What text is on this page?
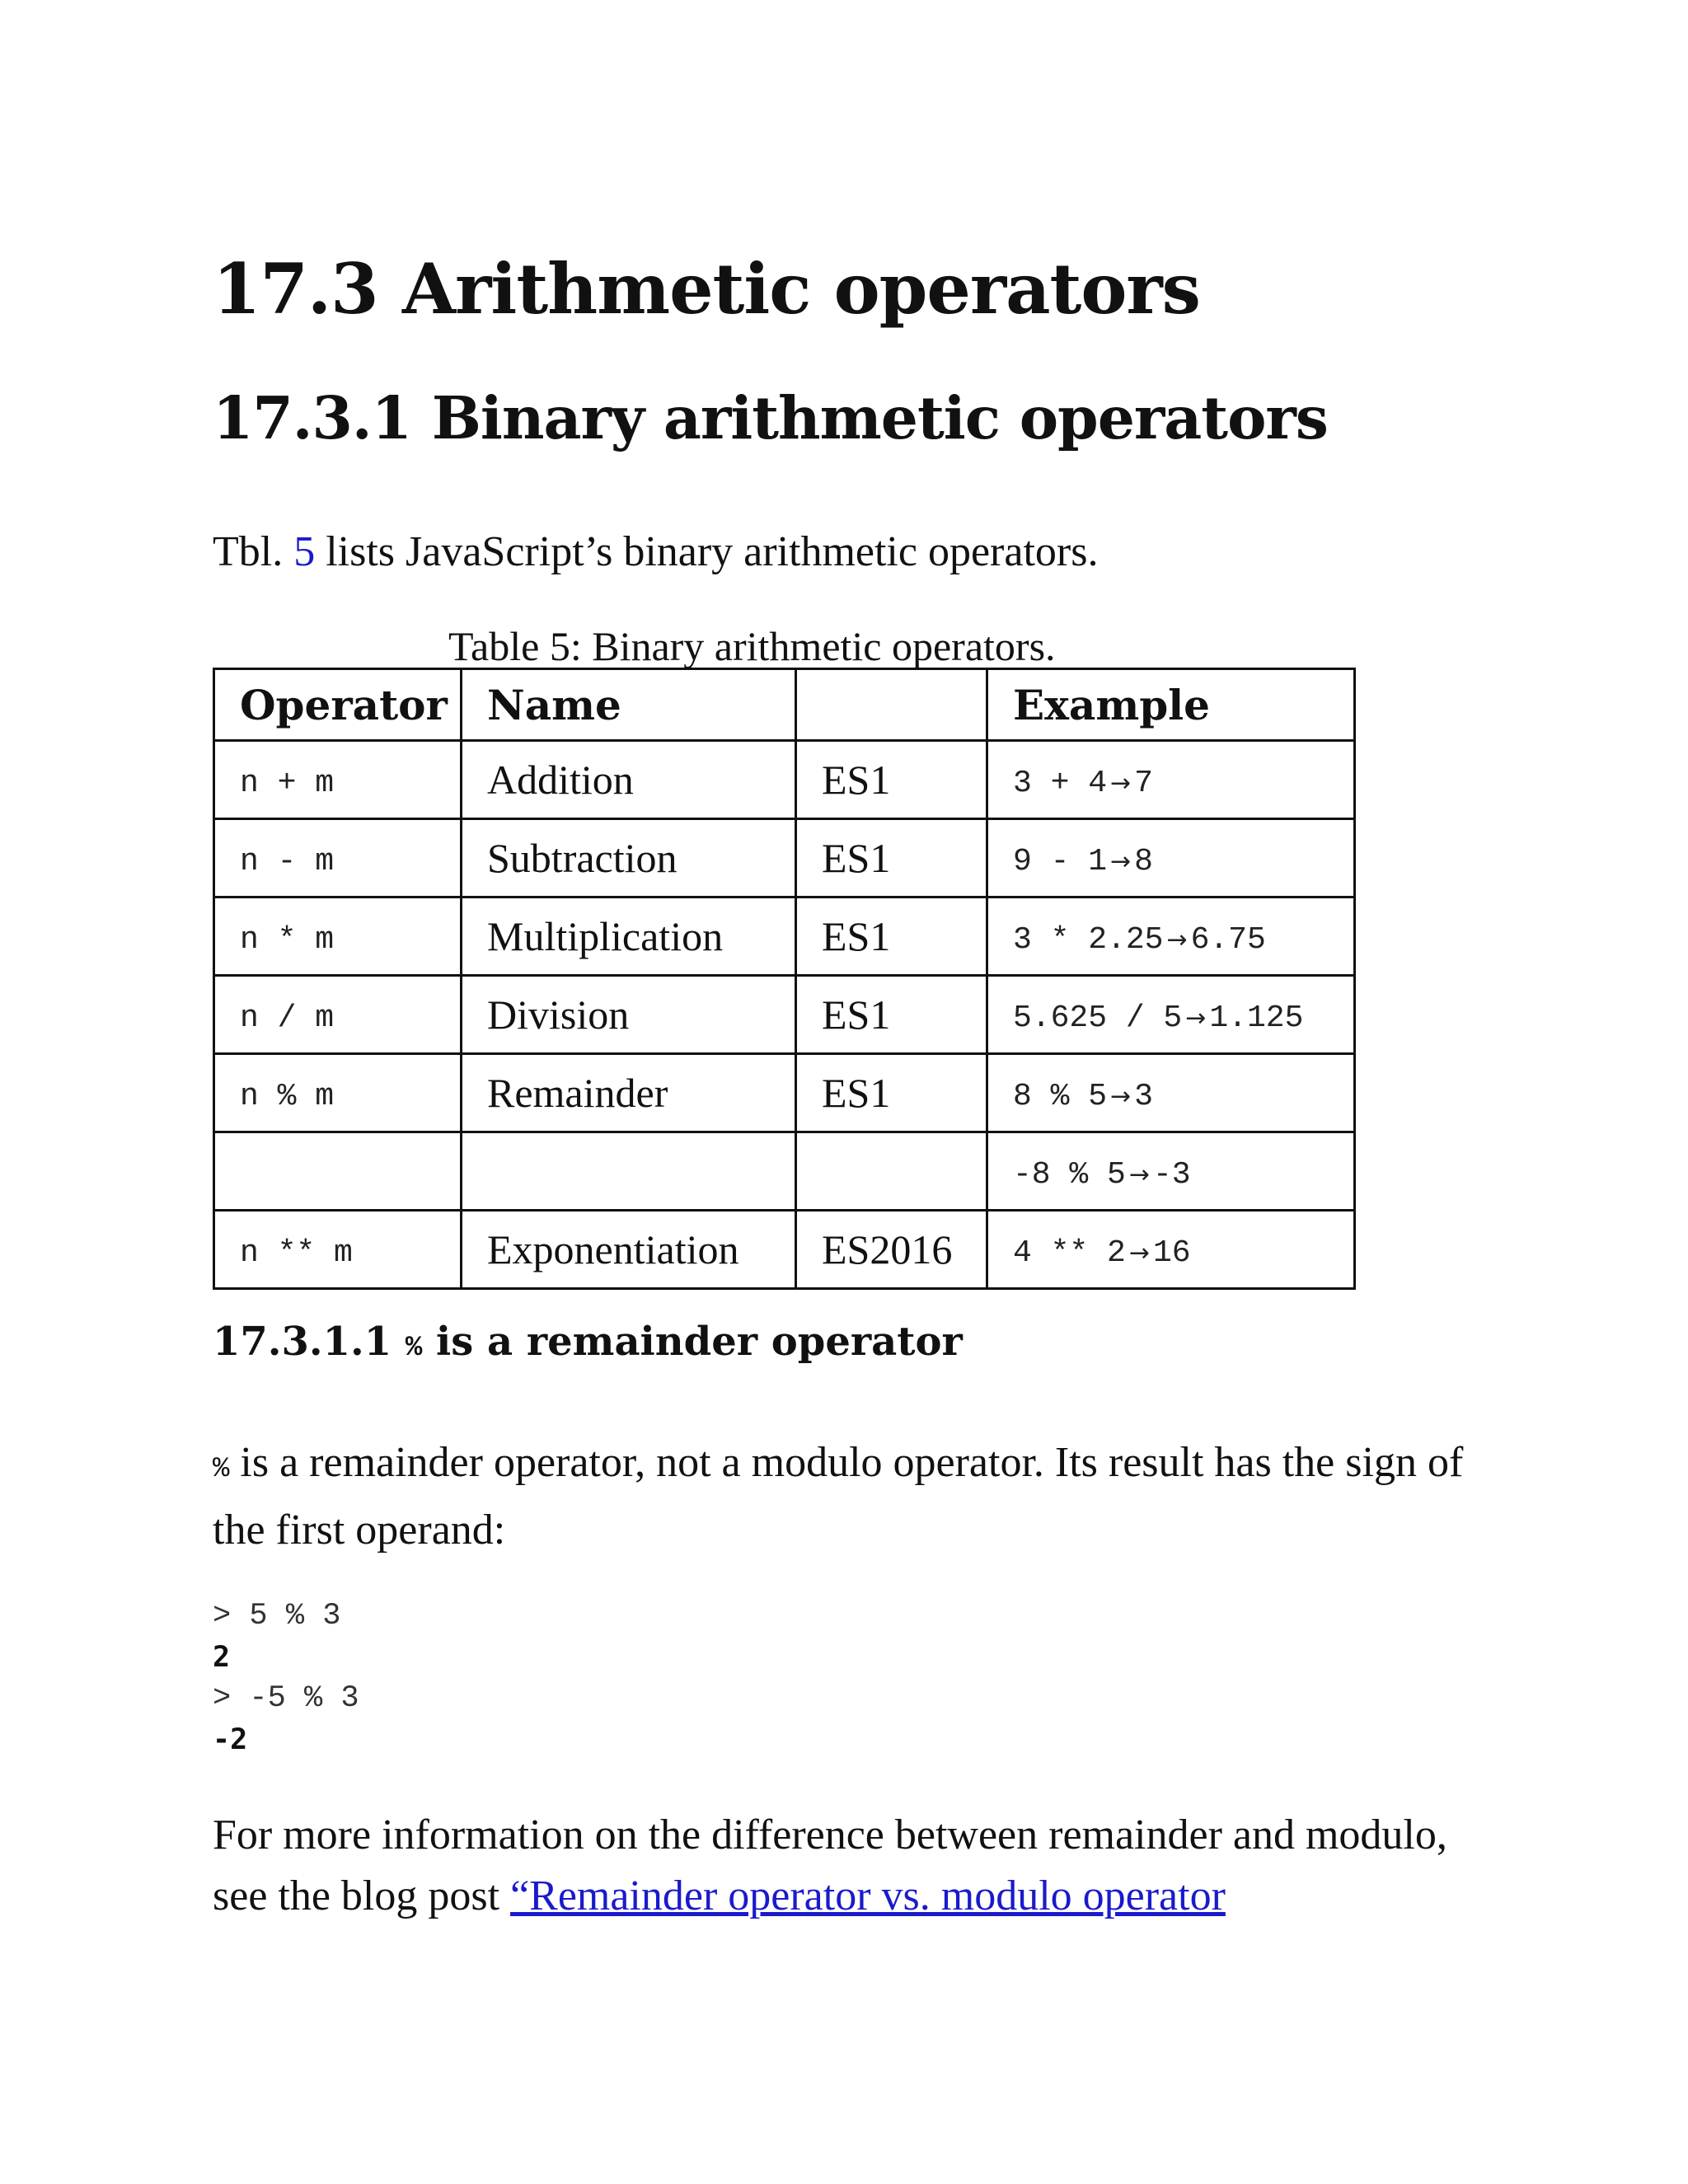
17.3 Arithmetic operators
17.3.1 Binary arithmetic operators

Tbl. 5 lists JavaScript’s binary arithmetic operators.

Table 5: Binary arithmetic operators.
Operator	Name		Example
n + m	Addition	ES1	3 + 4 → 7
n - m	Subtraction	ES1	9 - 1 → 8
n * m	Multiplication	ES1	3 * 2.25 → 6.75
n / m	Division	ES1	5.625 / 5 → 1.125
n % m	Remainder	ES1	8 % 5 → 3
			-8 % 5 → -3
n ** m	Exponentiation	ES2016	4 ** 2 → 16
17.3.1.1 % is a remainder operator

% is a remainder operator, not a modulo operator. Its result has the sign of the first operand:

> 5 % 3
2
> -5 % 3
-2

For more information on the difference between remainder and modulo, see the blog post “Remainder operator vs. modulo operator
